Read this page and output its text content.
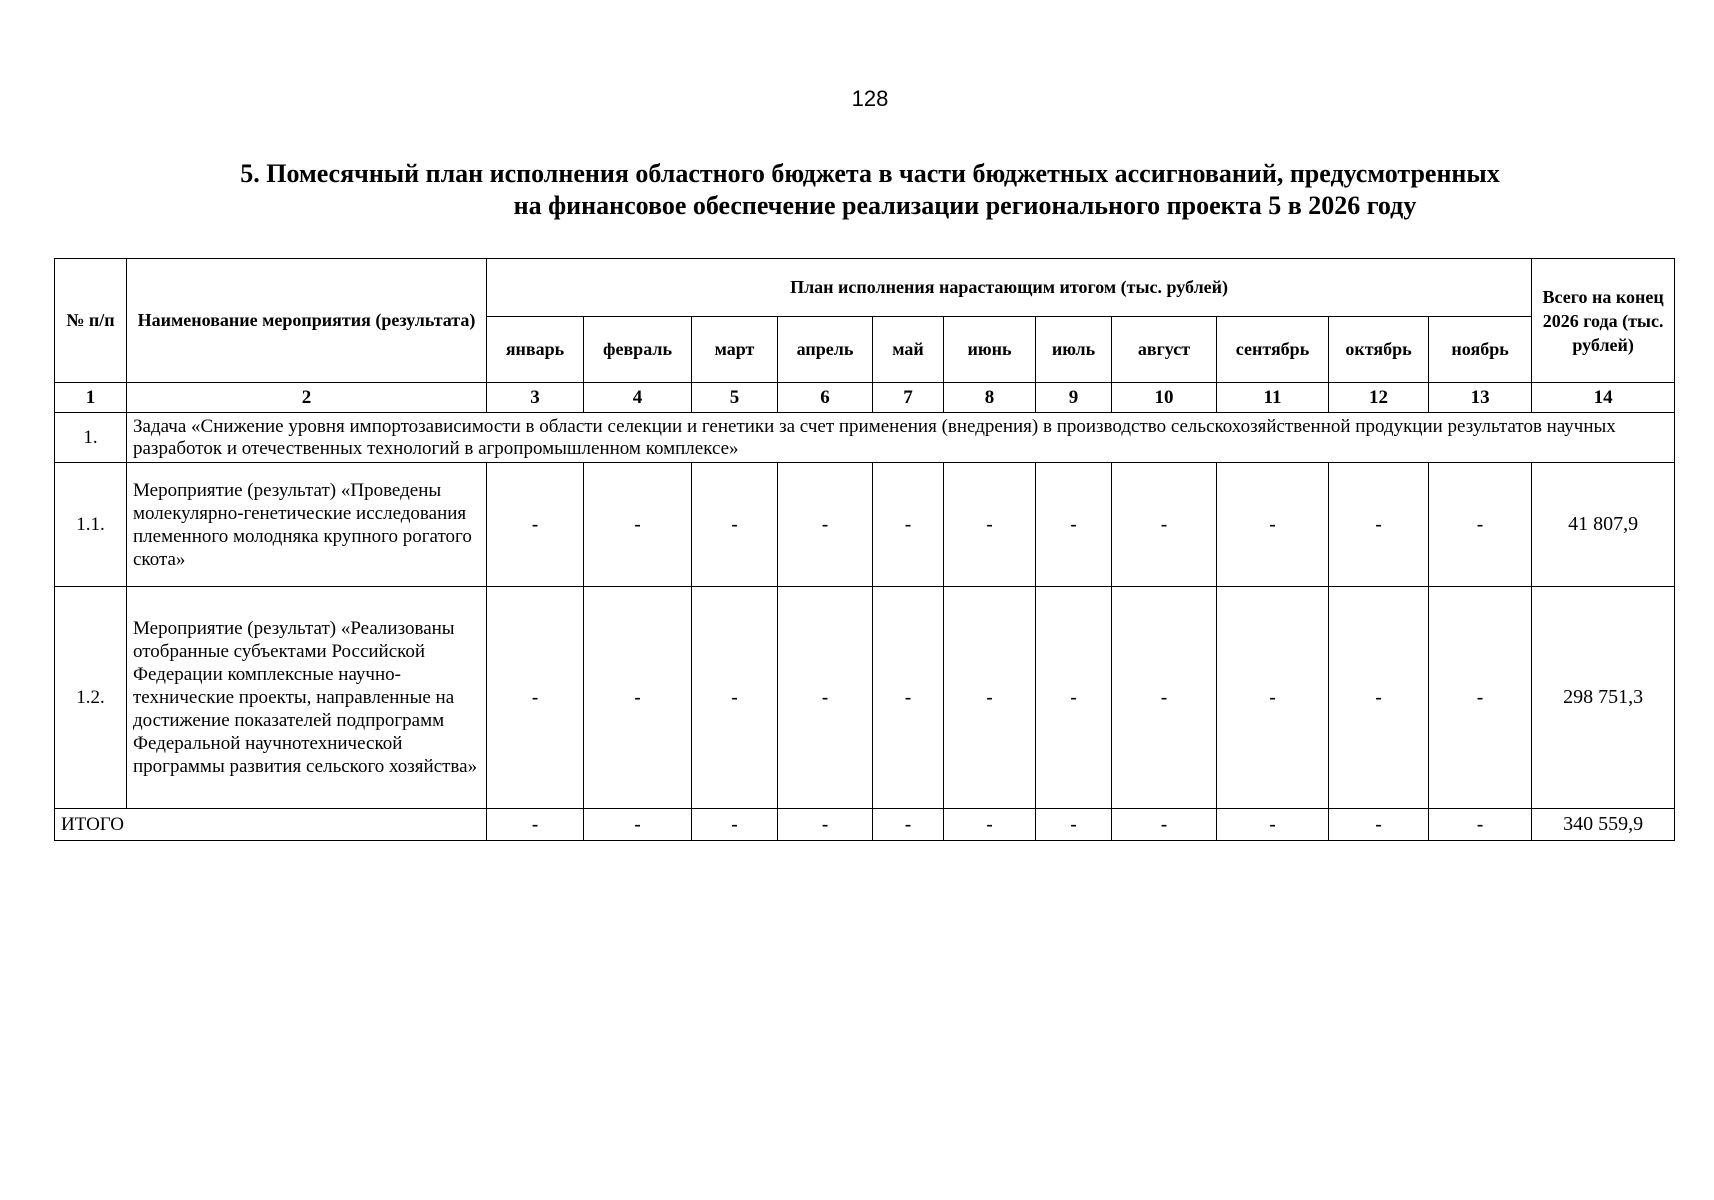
128
5. Помесячный план исполнения областного бюджета в части бюджетных ассигнований, предусмотренных
на финансовое обеспечение реализации регионального проекта 5 в 2026 году
№ п/п	Наименование мероприятия (результата)	План исполнения нарастающим итогом (тыс. рублей)											Всего на конец 2026 года (тыс. рублей)
		январь	февраль	март	апрель	май	июнь	июль	август	сентябрь	октябрь	ноябрь	
1	2	3	4	5	6	7	8	9	10	11	12	13	14
1.	Задача «Снижение уровня импортозависимости в области селекции и генетики за счет применения (внедрения) в производство сельскохозяйственной продукции результатов научных разработок и отечественных технологий в агропромышленном комплексе»												
1.1.	Мероприятие (результат) «Проведены молекулярно-генетические исследования племенного молодняка крупного рогатого скота»	-	-	-	-	-	-	-	-	-	-	-	41 807,9
1.2.	Мероприятие (результат) «Реализованы отобранные субъектами Российской Федерации комплексные научно-технические проекты, направленные на достижение показателей подпрограмм Федеральной научнотехнической программы развития сельского хозяйства»	-	-	-	-	-	-	-	-	-	-	-	298 751,3
ИТОГО		-	-	-	-	-	-	-	-	-	-	-	340 559,9
